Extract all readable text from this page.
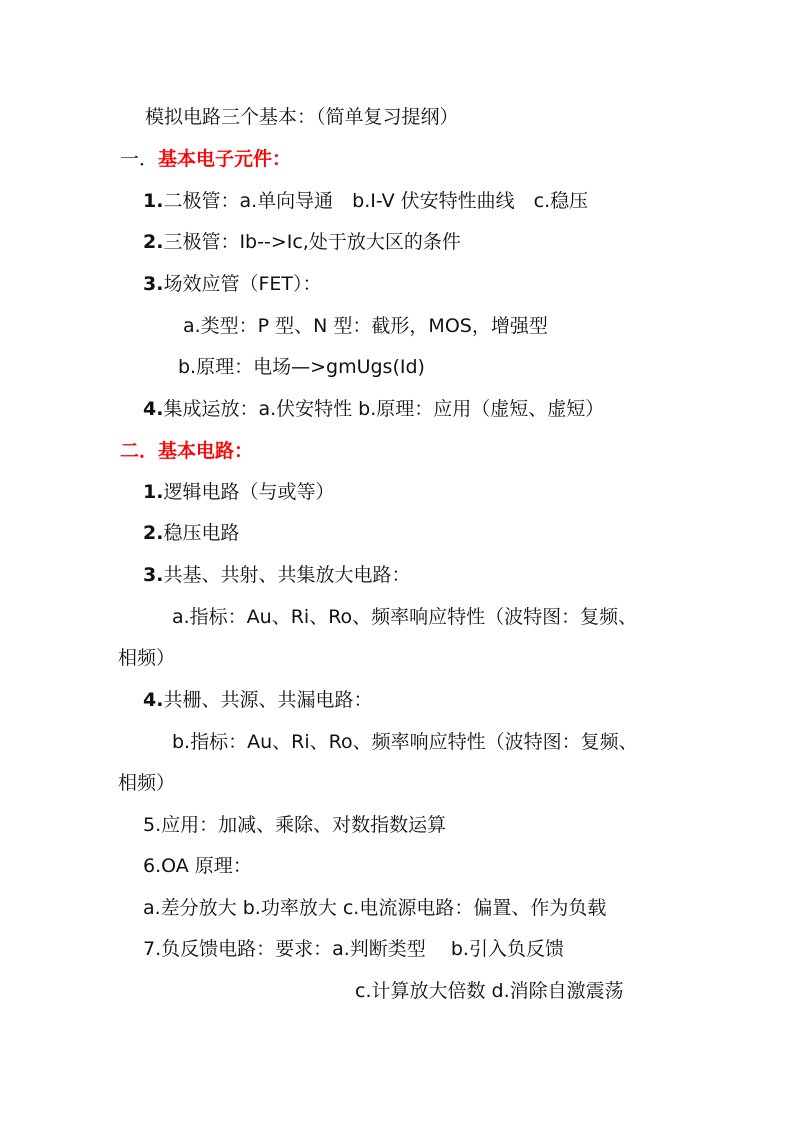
模拟电路三个基本：（简单复习提纲）
一．基本电子元件：
1.二极管：a.单向导通　b.I-V 伏安特性曲线　c.稳压
2.三极管：Ib-->Ic,处于放大区的条件
3.场效应管（FET）：
a.类型：P 型、N 型：截形，MOS，增强型
b.原理：电场—>gmUgs(Id)
4.集成运放：a.伏安特性 b.原理：应用（虚短、虚短）
二．基本电路：
1.逻辑电路（与或等）
2.稳压电路
3.共基、共射、共集放大电路：
a.指标：Au、Ri、Ro、频率响应特性（波特图：复频、
相频）
4.共栅、共源、共漏电路：
b.指标：Au、Ri、Ro、频率响应特性（波特图：复频、
相频）
5.应用：加减、乘除、对数指数运算
6.OA 原理：
a.差分放大 b.功率放大 c.电流源电路：偏置、作为负载
7.负反馈电路：要求：a.判断类型　 b.引入负反馈
c.计算放大倍数 d.消除自激震荡
